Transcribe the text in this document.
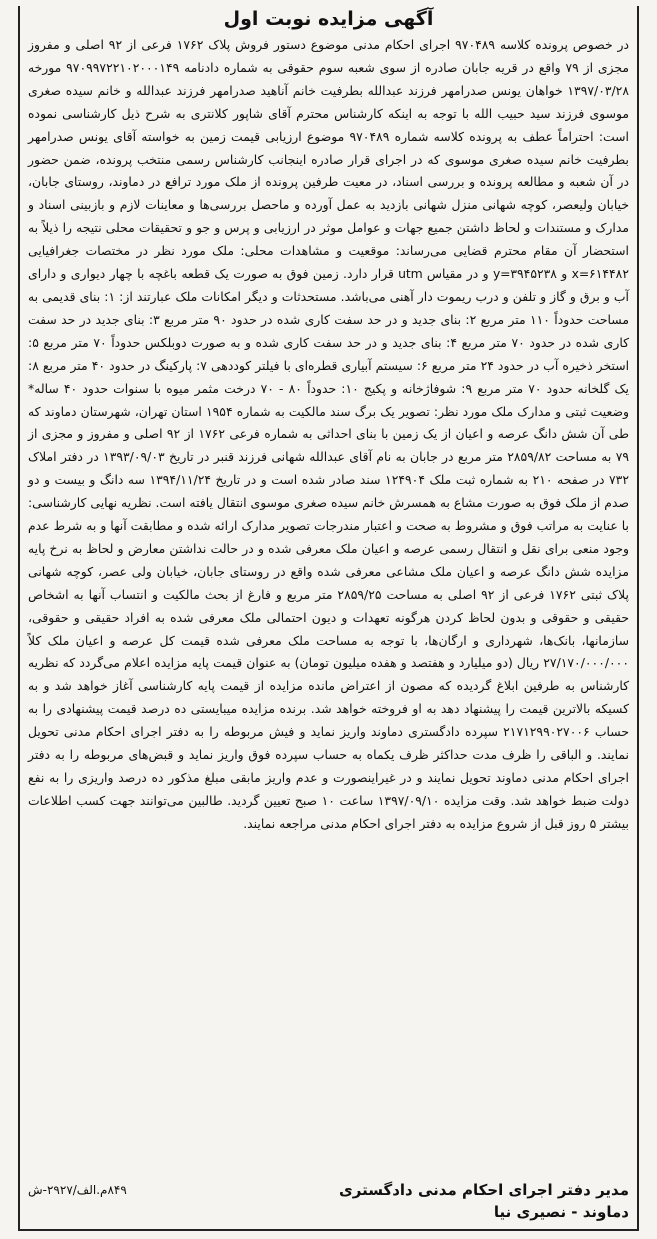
آگهی مزایده نوبت اول

در خصوص پرونده کلاسه ۹۷۰۴۸۹ اجرای احکام مدنی موضوع دستور فروش پلاک ۱۷۶۲ فرعی از ۹۲ اصلی و مفروز مجزی از ۷۹ واقع در قریه جابان صادره از سوی شعبه سوم حقوقی به شماره دادنامه ۹۷۰۹۹۷۲۲۱۰۲۰۰۰۱۴۹ مورخه ۱۳۹۷/۰۳/۲۸ خواهان یونس صدرامهر فرزند عبدالله بطرفیت خانم آناهید صدرامهر فرزند عبدالله و خانم سیده صغری موسوی فرزند سید حبیب الله با توجه به اینکه کارشناس محترم آقای شاپور کلانتری به شرح ذیل کارشناسی نموده است: احتراماً عطف به پرونده کلاسه شماره ۹۷۰۴۸۹ موضوع ارزیابی قیمت زمین به خواسته آقای یونس صدرامهر بطرفیت خانم سیده صغری موسوی که در اجرای قرار صادره اینجانب کارشناس رسمی منتخب پرونده، ضمن حضور در آن شعبه و مطالعه پرونده و بررسی اسناد، در معیت طرفین پرونده از ملک مورد ترافع در دماوند، روستای جابان، خیابان ولیعصر، کوچه شهانی منزل شهانی بازدید به عمل آورده و ماحصل بررسی‌ها و معاینات لازم و بازبینی اسناد و مدارک و مستندات و لحاظ داشتن جمیع جهات و عوامل موثر در ارزیابی و پرس و جو و تحقیقات محلی نتیجه را ذیلاً به استحضار آن مقام محترم قضایی می‌رساند: موقعیت و مشاهدات محلی: ملک مورد نظر در مختصات جغرافیایی x=۶۱۴۴۸۲ و y=۳۹۴۵۲۳۸ و در مقیاس utm قرار دارد. زمین فوق به صورت یک قطعه باغچه با چهار دیواری و دارای آب و برق و گاز و تلفن و درب ریموت دار آهنی می‌باشد. مستحدثات و دیگر امکانات ملک عبارتند از: ۱: بنای قدیمی به مساحت حدوداً ۱۱۰ متر مربع ۲: بنای جدید و در حد سفت کاری شده در حدود ۹۰ متر مربع ۳: بنای جدید در حد سفت کاری شده در حدود ۷۰ متر مربع ۴: بنای جدید و در حد سفت کاری شده و به صورت دوبلکس حدوداً ۷۰ متر مربع ۵: استخر ذخیره آب در حدود ۲۴ متر مربع ۶: سیستم آبیاری قطره‌ای با فیلتر کوددهی ۷: پارکینگ در حدود ۴۰ متر مربع ۸: یک گلخانه حدود ۷۰ متر مربع ۹: شوفاژخانه و پکیج ۱۰: حدوداً ۸۰ - ۷۰ درخت مثمر میوه با سنوات حدود ۴۰ ساله* وضعیت ثبتی و مدارک ملک مورد نظر: تصویر یک برگ سند مالکیت به شماره ۱۹۵۴ استان تهران، شهرستان دماوند که طی آن شش دانگ عرصه و اعیان از یک زمین با بنای احداثی به شماره فرعی ۱۷۶۲ از ۹۲ اصلی و مفروز و مجزی از ۷۹ به مساحت ۲۸۵۹/۸۲ متر مربع در جابان به نام آقای عبدالله شهانی فرزند قنبر در تاریخ ۱۳۹۳/۰۹/۰۳ در دفتر املاک ۷۳۲ در صفحه ۲۱۰ به شماره ثبت ملک ۱۲۴۹۰۴ سند صادر شده است و در تاریخ ۱۳۹۴/۱۱/۲۴ سه دانگ و بیست و دو صدم از ملک فوق به صورت مشاع به همسرش خانم سیده صغری موسوی انتقال یافته است. نظریه نهایی کارشناسی: با عنایت به مراتب فوق و مشروط به صحت و اعتبار مندرجات تصویر مدارک ارائه شده و مطابقت آنها و به شرط عدم وجود منعی برای نقل و انتقال رسمی عرصه و اعیان ملک معرفی شده و در حالت نداشتن معارض و لحاظ به نرخ پایه مزایده شش دانگ عرصه و اعیان ملک مشاعی معرفی شده واقع در روستای جابان، خیابان ولی عصر، کوچه شهانی پلاک ثبتی ۱۷۶۲ فرعی از ۹۲ اصلی به مساحت ۲۸۵۹/۲۵ متر مربع و فارغ از بحث مالکیت و انتساب آنها به اشخاص حقیقی و حقوقی و بدون لحاظ کردن هرگونه تعهدات و دیون احتمالی ملک معرفی شده به افراد حقیقی و حقوقی، سازمانها، بانک‌ها، شهرداری و ارگان‌ها، با توجه به مساحت ملک معرفی شده قیمت کل عرصه و اعیان ملک کلاً ۲۷/۱۷۰/۰۰۰/۰۰۰ ریال (دو میلیارد و هفتصد و هفده میلیون تومان) به عنوان قیمت پایه مزایده اعلام می‌گردد که نظریه کارشناس به طرفین ابلاغ گردیده که مصون از اعتراض مانده مزایده از قیمت پایه کارشناسی آغاز خواهد شد و به کسیکه بالاترین قیمت را پیشنهاد دهد به او فروخته خواهد شد. برنده مزایده میبایستی ده درصد قیمت پیشنهادی را به حساب ۲۱۷۱۲۹۹۰۲۷۰۰۶ سپرده دادگستری دماوند واریز نماید و فیش مربوطه را به دفتر اجرای احکام مدنی تحویل نمایند. و الباقی را ظرف مدت حداکثر ظرف یکماه به حساب سپرده فوق واریز نماید و قبض‌های مربوطه را به دفتر اجرای احکام مدنی دماوند تحویل نمایند و در غیراینصورت و عدم واریز مابقی مبلغ مذکور ده درصد واریزی را به نفع دولت ضبط خواهد شد. وقت مزایده ۱۳۹۷/۰۹/۱۰ ساعت ۱۰ صبح تعیین گردید. طالبین می‌توانند جهت کسب اطلاعات بیشتر ۵ روز قبل از شروع مزایده به دفتر اجرای احکام مدنی مراجعه نمایند.

مدیر دفتر اجرای احکام مدنی دادگستری دماوند - نصیری نیا
۸۴۹م.الف/۲۹۲۷-ش
